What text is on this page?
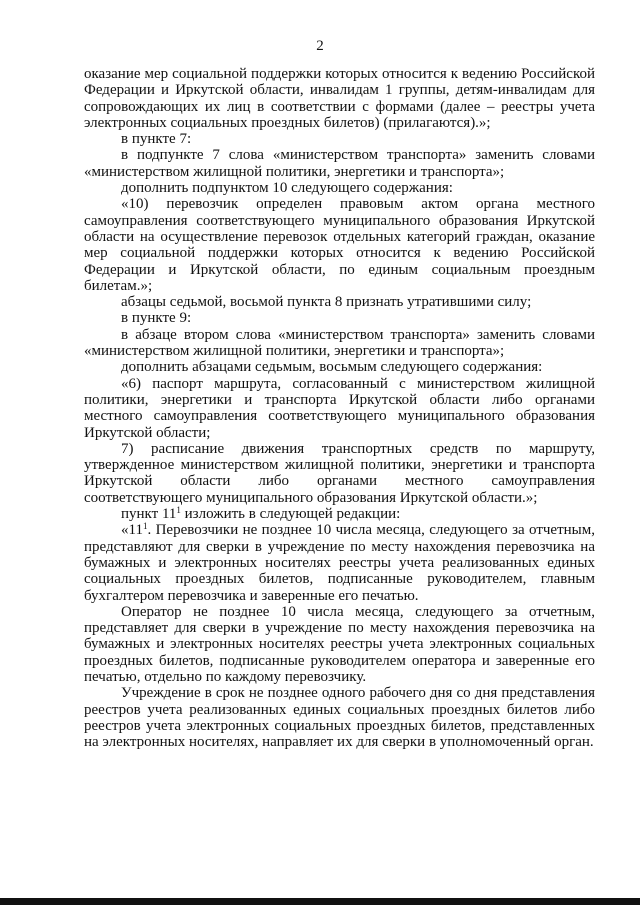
2

оказание мер социальной поддержки которых относится к ведению Российской Федерации и Иркутской области, инвалидам 1 группы, детям-инвалидам для сопровождающих их лиц в соответствии с формами (далее – реестры учета электронных социальных проездных билетов) (прилагаются).»;

в пункте 7:

в подпункте 7 слова «министерством транспорта» заменить словами «министерством жилищной политики, энергетики и транспорта»;

дополнить подпунктом 10 следующего содержания:

«10) перевозчик определен правовым актом органа местного самоуправления соответствующего муниципального образования Иркутской области на осуществление перевозок отдельных категорий граждан, оказание мер социальной поддержки которых относится к ведению Российской Федерации и Иркутской области, по единым социальным проездным билетам.»;

абзацы седьмой, восьмой пункта 8 признать утратившими силу;

в пункте 9:

в абзаце втором слова «министерством транспорта» заменить словами «министерством жилищной политики, энергетики и транспорта»;

дополнить абзацами седьмым, восьмым следующего содержания:

«6) паспорт маршрута, согласованный с министерством жилищной политики, энергетики и транспорта Иркутской области либо органами местного самоуправления соответствующего муниципального образования Иркутской области;

7) расписание движения транспортных средств по маршруту, утвержденное министерством жилищной политики, энергетики и транспорта Иркутской области либо органами местного самоуправления соответствующего муниципального образования Иркутской области.»;

пункт 11$^1$ изложить в следующей редакции:

«11$^1$. Перевозчики не позднее 10 числа месяца, следующего за отчетным, представляют для сверки в учреждение по месту нахождения перевозчика на бумажных и электронных носителях реестры учета реализованных единых социальных проездных билетов, подписанные руководителем, главным бухгалтером перевозчика и заверенные его печатью.

Оператор не позднее 10 числа месяца, следующего за отчетным, представляет для сверки в учреждение по месту нахождения перевозчика на бумажных и электронных носителях реестры учета электронных социальных проездных билетов, подписанные руководителем оператора и заверенные его печатью, отдельно по каждому перевозчику.

Учреждение в срок не позднее одного рабочего дня со дня представления реестров учета реализованных единых социальных проездных билетов либо реестров учета электронных социальных проездных билетов, представленных на электронных носителях, направляет их для сверки в уполномоченный орган.
